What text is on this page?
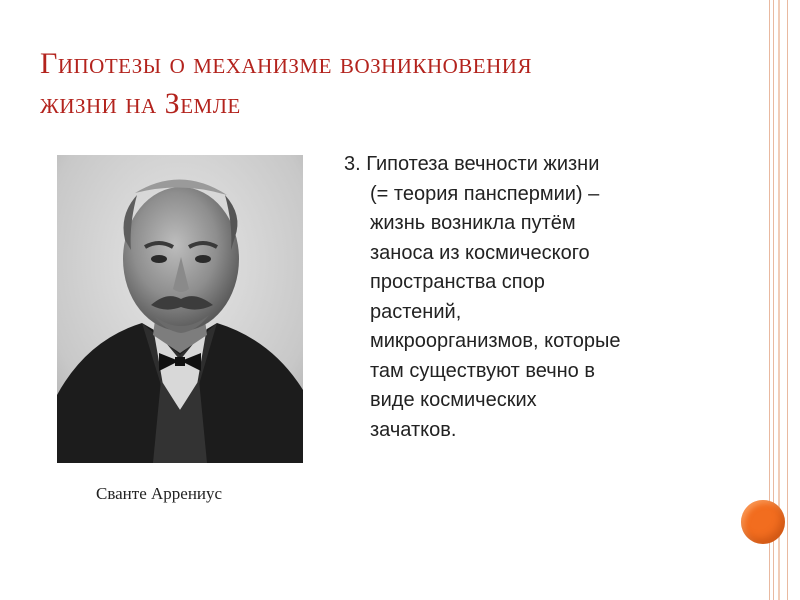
Гипотезы о механизме возникновения
жизни на Земле

Сванте Аррениус

3. Гипотеза вечности жизни
(= теория панспермии) –
жизнь возникла путём
заноса из космического
пространства спор
растений,
микроорганизмов, которые
там существуют вечно в
виде космических
зачатков.
